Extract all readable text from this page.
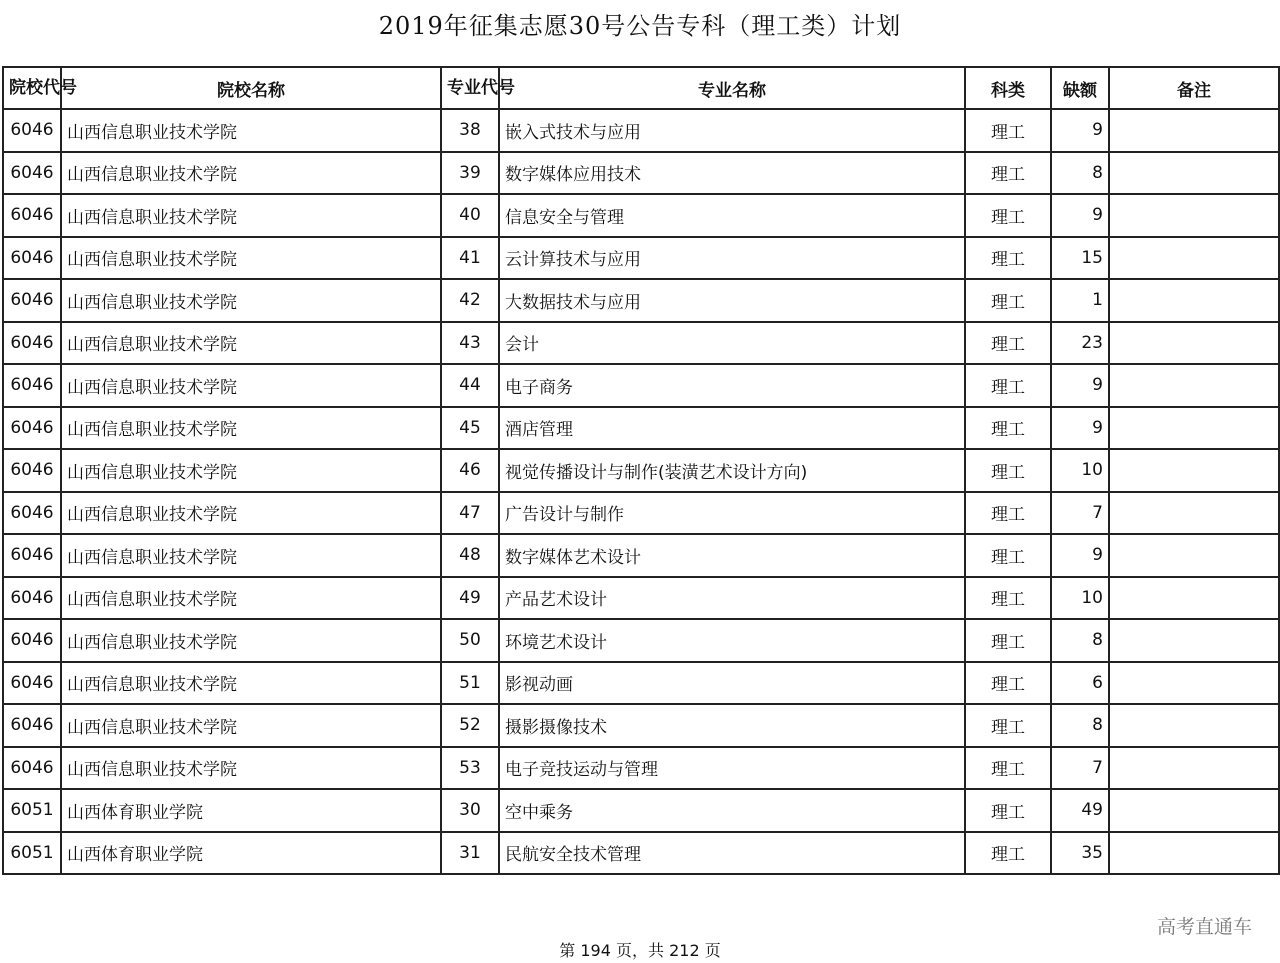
2019年征集志愿30号公告专科（理工类）计划
院校代号	院校名称	专业代号	专业名称	科类	缺额	备注
6046	山西信息职业技术学院	38	嵌入式技术与应用	理工	9	
6046	山西信息职业技术学院	39	数字媒体应用技术	理工	8	
6046	山西信息职业技术学院	40	信息安全与管理	理工	9	
6046	山西信息职业技术学院	41	云计算技术与应用	理工	15	
6046	山西信息职业技术学院	42	大数据技术与应用	理工	1	
6046	山西信息职业技术学院	43	会计	理工	23	
6046	山西信息职业技术学院	44	电子商务	理工	9	
6046	山西信息职业技术学院	45	酒店管理	理工	9	
6046	山西信息职业技术学院	46	视觉传播设计与制作(装潢艺术设计方向)	理工	10	
6046	山西信息职业技术学院	47	广告设计与制作	理工	7	
6046	山西信息职业技术学院	48	数字媒体艺术设计	理工	9	
6046	山西信息职业技术学院	49	产品艺术设计	理工	10	
6046	山西信息职业技术学院	50	环境艺术设计	理工	8	
6046	山西信息职业技术学院	51	影视动画	理工	6	
6046	山西信息职业技术学院	52	摄影摄像技术	理工	8	
6046	山西信息职业技术学院	53	电子竞技运动与管理	理工	7	
6051	山西体育职业学院	30	空中乘务	理工	49	
6051	山西体育职业学院	31	民航安全技术管理	理工	35	
高考直通车
第 194 页，共 212 页
